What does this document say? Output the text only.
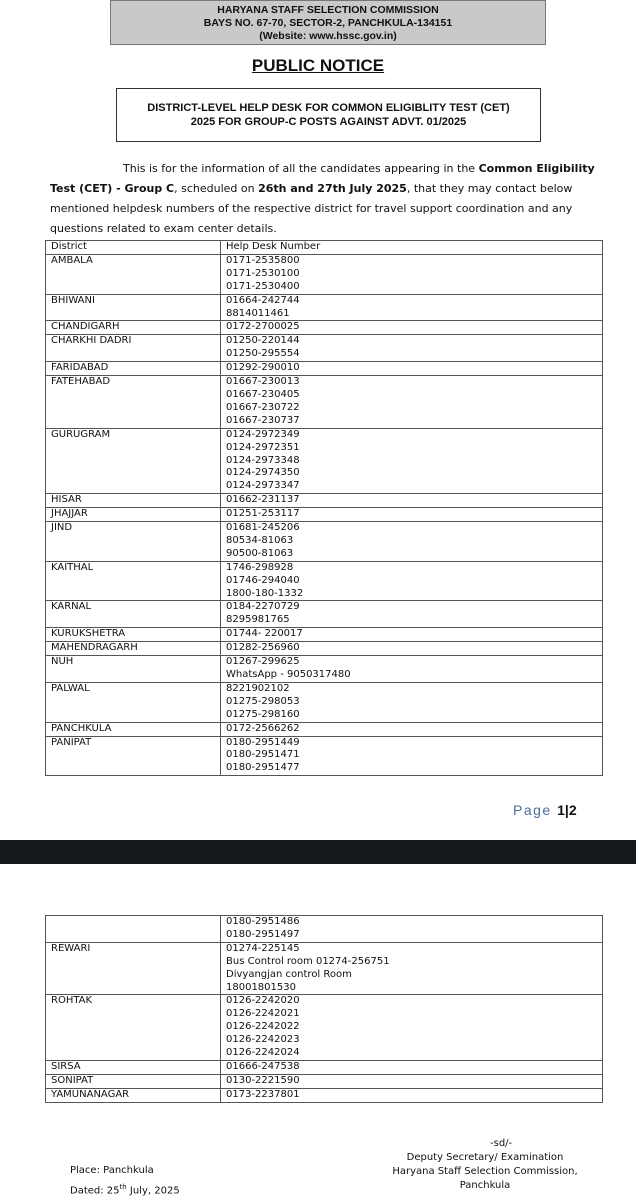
HARYANA STAFF SELECTION COMMISSION
BAYS NO. 67-70, SECTOR-2, PANCHKULA-134151
(Website: www.hssc.gov.in)
PUBLIC NOTICE
DISTRICT-LEVEL HELP DESK FOR COMMON ELIGIBLITY TEST (CET)
2025 FOR GROUP-C POSTS AGAINST ADVT. 01/2025

This is for the information of all the candidates appearing in the Common Eligibility Test (CET) - Group C, scheduled on 26th and 27th July 2025, that they may contact below mentioned helpdesk numbers of the respective district for travel support coordination and any questions related to exam center details.

District	Help Desk Number
AMBALA	0171-2535800
0171-2530100
0171-2530400

BHIWANI	01664-242744
8814011461

CHANDIGARH	0172-2700025

CHARKHI DADRI	01250-220144
01250-295554

FARIDABAD	01292-290010

FATEHABAD	01667-230013
01667-230405
01667-230722
01667-230737

GURUGRAM	0124-2972349
0124-2972351
0124-2973348
0124-2974350
0124-2973347

HISAR	01662-231137

JHAJJAR	01251-253117

JIND	01681-245206
80534-81063
90500-81063

KAITHAL	1746-298928
01746-294040
1800-180-1332

KARNAL	0184-2270729
8295981765

KURUKSHETRA	01744- 220017

MAHENDRAGARH	01282-256960

NUH	01267-299625
WhatsApp - 9050317480

PALWAL	8221902102
01275-298053
01275-298160

PANCHKULA	0172-2566262

PANIPAT	0180-2951449
0180-2951471
0180-2951477
Page 1|2

	0180-2951486
0180-2951497

REWARI	01274-225145
Bus Control room 01274-256751
Divyangjan control Room
18001801530

ROHTAK	0126-2242020
0126-2242021
0126-2242022
0126-2242023
0126-2242024

SIRSA	01666-247538

SONIPAT	0130-2221590

YAMUNANAGAR	0173-2237801
-sd/-
Deputy Secretary/ Examination
Haryana Staff Selection Commission,
Panchkula
Place: Panchkula
Dated: 25th July, 2025
